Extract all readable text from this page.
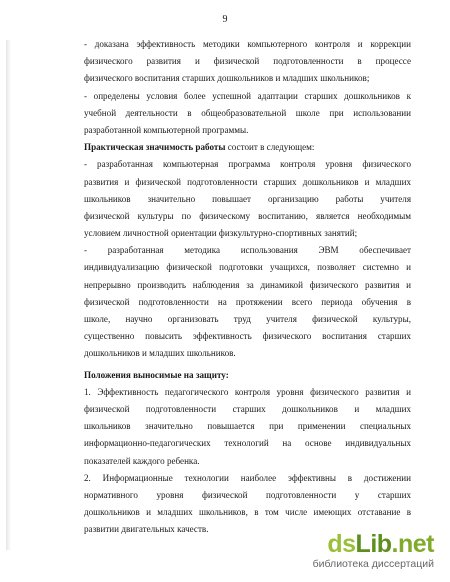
9
- доказана эффективность методики компьютерного контроля и коррекции
физического развития и физической подготовленности в процессе
физического воспитания старших дошкольников и младших школьников;
- определены условия более успешной адаптации старших дошкольников к
учебной деятельности в общеобразовательной школе при использовании
разработанной компьютерной программы.
Практическая значимость работы состоит в следующем:
- разработанная компьютерная программа контроля уровня физического
развития и физической подготовленности старших дошкольников и младших
школьников значительно повышает организацию работы учителя
физической культуры по физическому воспитанию, является необходимым
условием личностной ориентации физкультурно-спортивных занятий;
- разработанная методика использования ЭВМ обеспечивает
индивидуализацию физической подготовки учащихся, позволяет системно и
непрерывно производить наблюдения за динамикой физического развития и
физической подготовленности на протяжении всего периода обучения в
школе, научно организовать труд учителя физической культуры,
существенно повысить эффективность физического воспитания старших
дошкольников и младших школьников.
Положения выносимые на защиту:
1. Эффективность педагогического контроля уровня физического развития и
физической подготовленности старших дошкольников и младших
школьников значительно повышается при применении специальных
информационно-педагогических технологий на основе индивидуальных
показателей каждого ребенка.
2. Информационные технологии наиболее эффективны в достижении
нормативного уровня физической подготовленности у старших
дошкольников и младших школьников, в том числе имеющих отставание в
развитии двигательных качеств.
dsLib.net
библиотека диссертаций
